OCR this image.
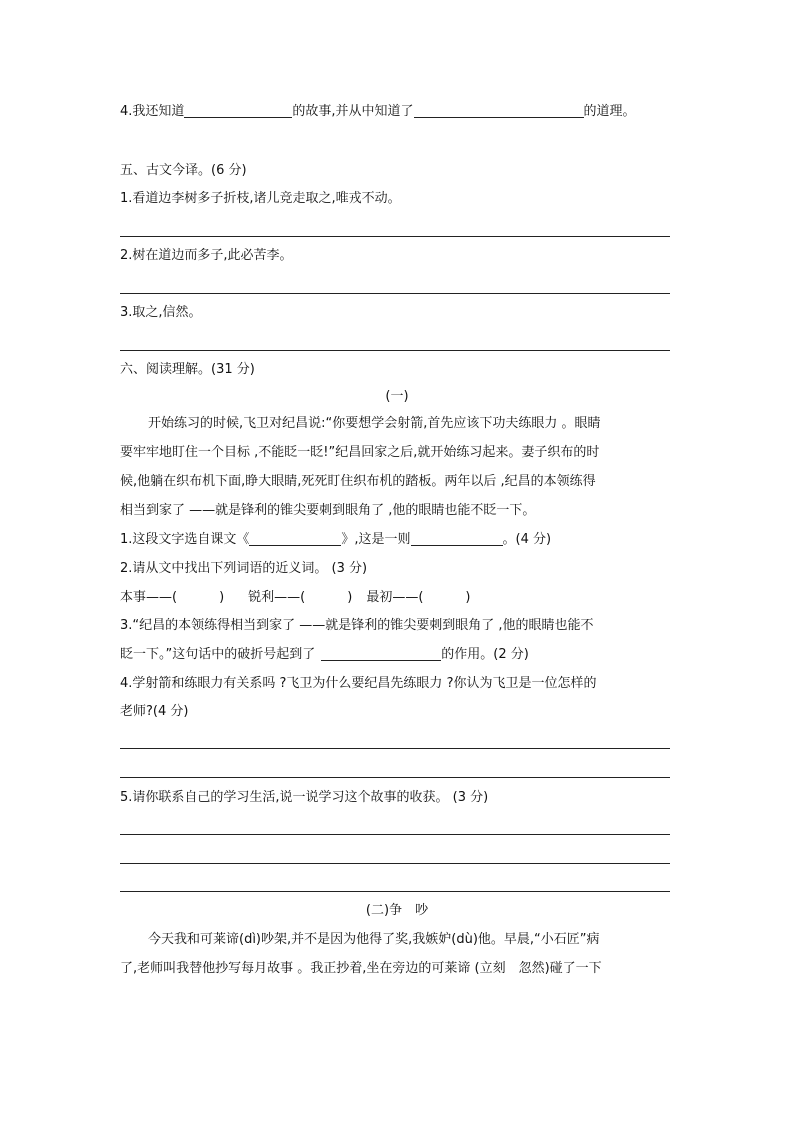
4.我还知道	的故事,并从中知道了	的道理。
五、古文今译。(6 分)
1.看道边李树多子折枝,诸儿竞走取之,唯戎不动。
2.树在道边而多子,此必苦李。
3.取之,信然。
六、阅读理解。(31 分)
(一)
开始练习的时候,飞卫对纪昌说:“你要想学会射箭,首先应该下功夫练眼力 。眼睛
要牢牢地盯住一个目标 ,不能眨一眨!”纪昌回家之后,就开始练习起来。妻子织布的时
候,他躺在织布机下面,睁大眼睛,死死盯住织布机的踏板。两年以后 ,纪昌的本领练得
相当到家了 ——就是锋利的锥尖要刺到眼角了 ,他的眼睛也能不眨一下。
1.这段文字选自课文《	》,这是一则	。(4 分)
2.请从文中找出下列词语的近义词。 (3 分)
本事——(	) 锐利——(	) 最初——(	)
3.“纪昌的本领练得相当到家了 ——就是锋利的锥尖要刺到眼角了 ,他的眼睛也能不
眨一下。”这句话中的破折号起到了	的作用。(2 分)
4.学射箭和练眼力有关系吗 ?飞卫为什么要纪昌先练眼力 ?你认为飞卫是一位怎样的
老师?(4 分)
5.请你联系自己的学习生活,说一说学习这个故事的收获。 (3 分)
(二)争　吵
今天我和可莱谛(dì)吵架,并不是因为他得了奖,我嫉妒(dù)他。早晨,“小石匠”病
了,老师叫我替他抄写每月故事 。我正抄着,坐在旁边的可莱谛 (立刻　忽然)碰了一下
